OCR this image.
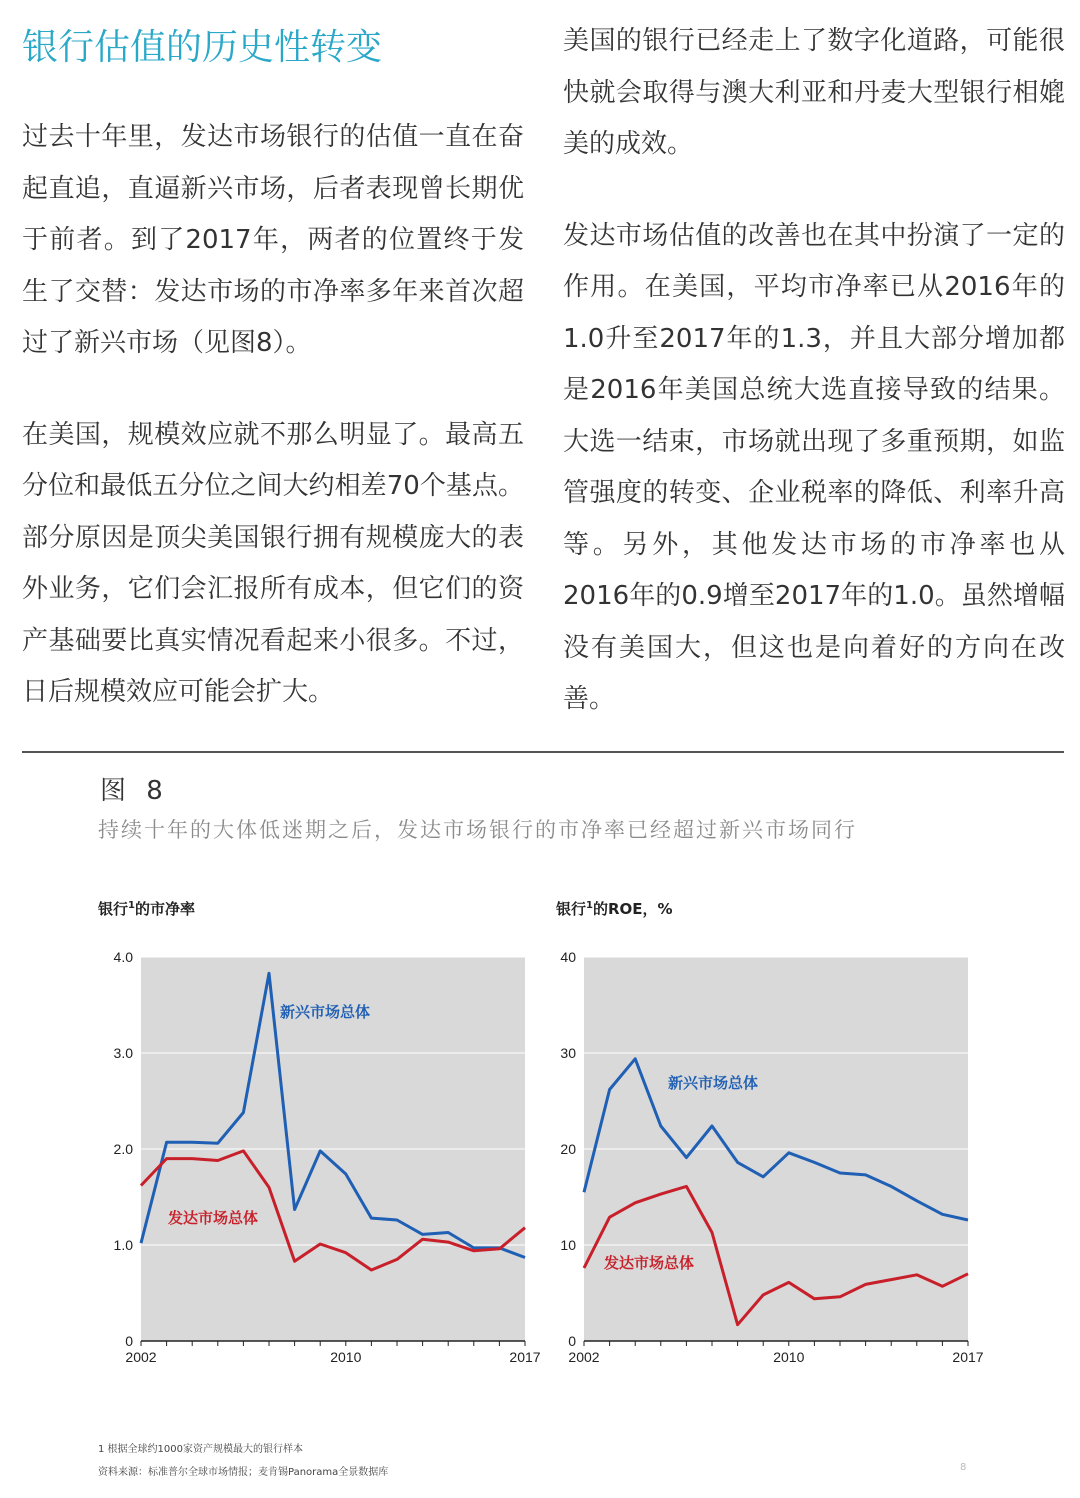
银行估值的历史性转变

过去十年里，发达市场银行的估值一直在奋起直追，直逼新兴市场，后者表现曾长期优于前者。到了2017年，两者的位置终于发生了交替：发达市场的市净率多年来首次超过了新兴市场（见图8）。

在美国，规模效应就不那么明显了。最高五分位和最低五分位之间大约相差70个基点。部分原因是顶尖美国银行拥有规模庞大的表外业务，它们会汇报所有成本，但它们的资产基础要比真实情况看起来小很多。不过，日后规模效应可能会扩大。

美国的银行已经走上了数字化道路，可能很快就会取得与澳大利亚和丹麦大型银行相媲美的成效。

发达市场估值的改善也在其中扮演了一定的作用。在美国，平均市净率已从2016年的1.0升至2017年的1.3，并且大部分增加都是2016年美国总统大选直接导致的结果。大选一结束，市场就出现了多重预期，如监管强度的转变、企业税率的降低、利率升高等。另外，其他发达市场的市净率也从2016年的0.9增至2017年的1.0。虽然增幅没有美国大，但这也是向着好的方向在改善。

图 8
持续十年的大体低迷期之后，发达市场银行的市净率已经超过新兴市场同行
银行$^1$的市净率	银行$^1$的ROE，%
0
1.0
2.0
3.0
4.0
2002	2010	2017
新兴市场总体
发达市场总体
0
10
20
30
40
2002	2010	2017
新兴市场总体
发达市场总体
1 根据全球约1000家资产规模最大的银行样本
资料来源：标准普尔全球市场情报；麦肯锡Panorama全景数据库	8
